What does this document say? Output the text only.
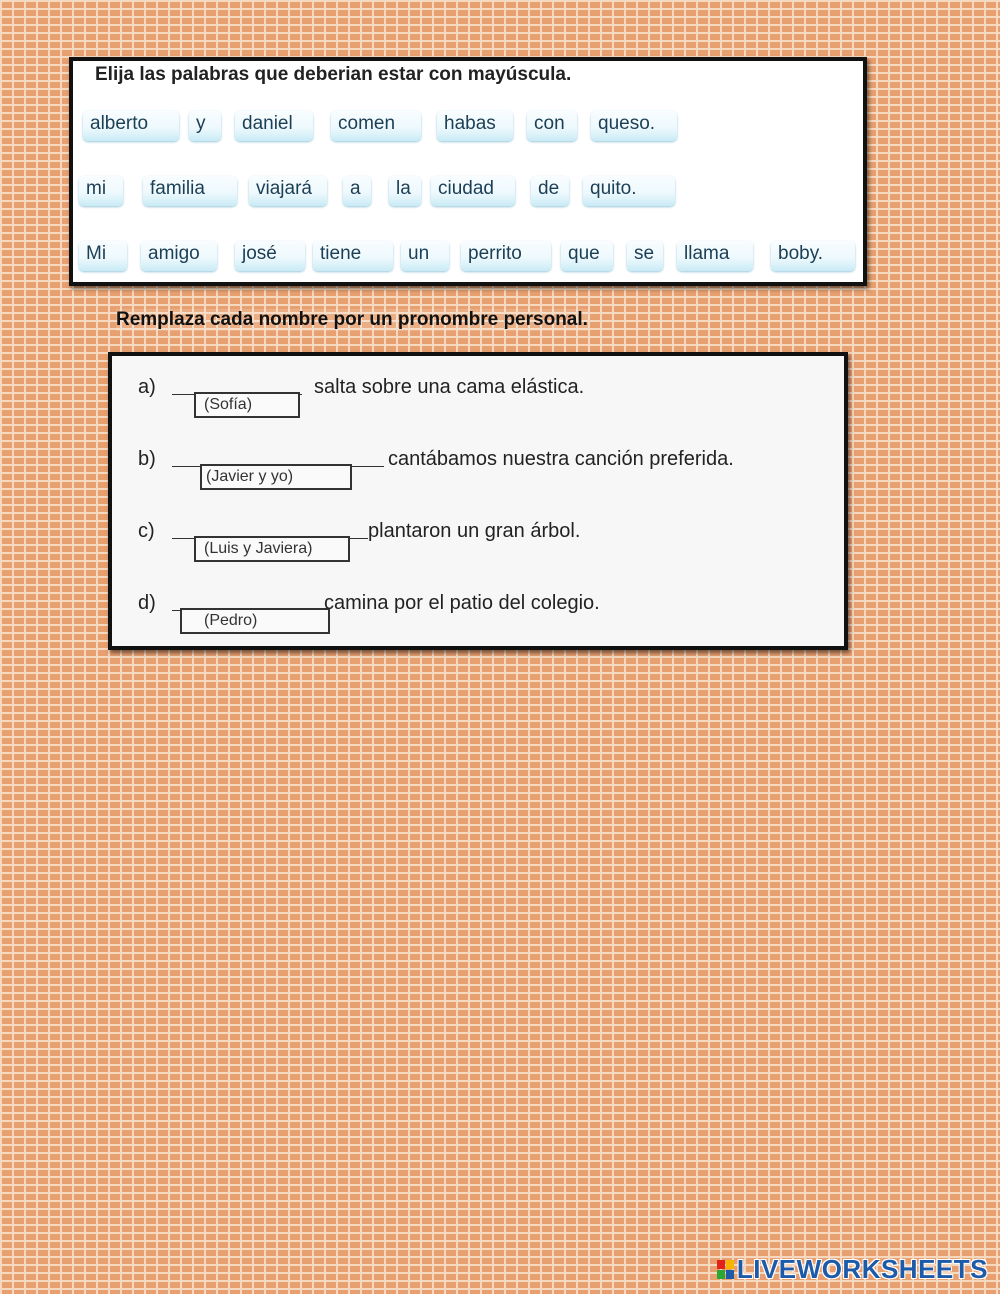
Elija las palabras que deberian estar con mayúscula.
alberto	y	daniel	comen	habas	con	queso.
mi	familia	viajará	a	la	ciudad	de	quito.
Mi	amigo	josé	tiene	un	perrito	que	se	llama	boby.
Remplaza cada nombre por un pronombre personal.
a)
(Sofía)
salta sobre una cama elástica.
b)
(Javier y yo)
cantábamos nuestra canción preferida.
c)
(Luis y Javiera)
plantaron un gran árbol.
d)
(Pedro)
camina por el patio del colegio.
LIVEWORKSHEETS
